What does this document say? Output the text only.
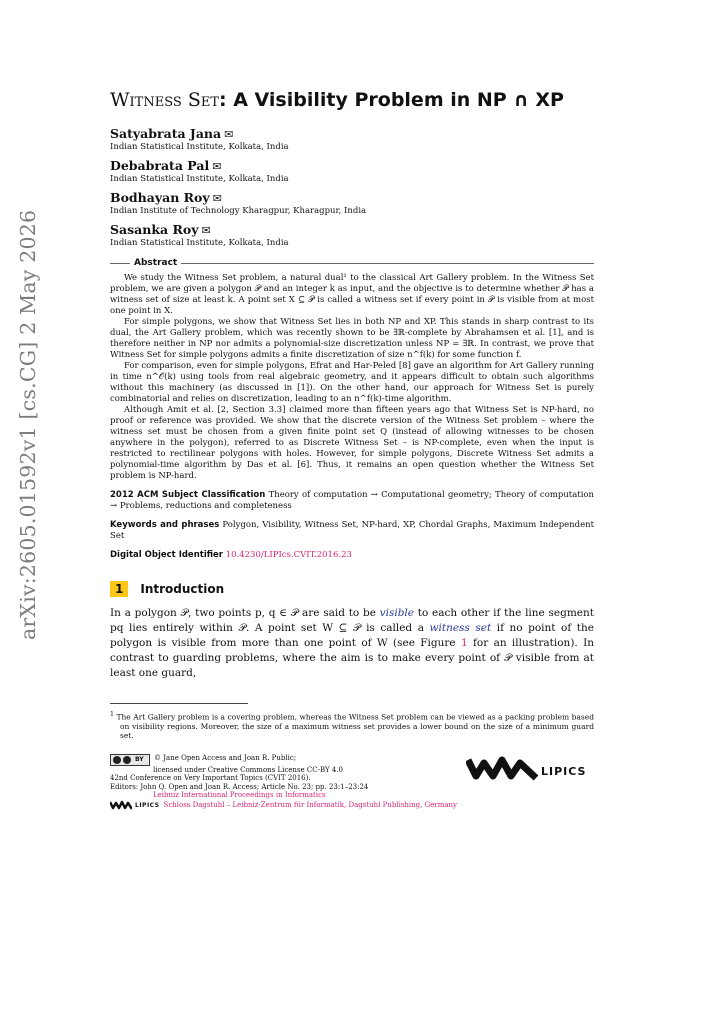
arXiv:2605.01592v1 [cs.CG] 2 May 2026
Witness Set: A Visibility Problem in NP ∩ XP
Satyabrata Jana ✉
Indian Statistical Institute, Kolkata, India
Debabrata Pal ✉
Indian Statistical Institute, Kolkata, India
Bodhayan Roy ✉
Indian Institute of Technology Kharagpur, Kharagpur, India
Sasanka Roy ✉
Indian Statistical Institute, Kolkata, India
Abstract

We study the Witness Set problem, a natural dual¹ to the classical Art Gallery problem. In the Witness Set problem, we are given a polygon 𝒫 and an integer k as input, and the objective is to determine whether 𝒫 has a witness set of size at least k. A point set X ⊆ 𝒫 is called a witness set if every point in 𝒫 is visible from at most one point in X.

For simple polygons, we show that Witness Set lies in both NP and XP. This stands in sharp contrast to its dual, the Art Gallery problem, which was recently shown to be ∃ℝ-complete by Abrahamsen et al. [1], and is therefore neither in NP nor admits a polynomial-size discretization unless NP = ∃ℝ. In contrast, we prove that Witness Set for simple polygons admits a finite discretization of size n^f(k) for some function f.

For comparison, even for simple polygons, Efrat and Har-Peled [8] gave an algorithm for Art Gallery running in time n^𝒪(k) using tools from real algebraic geometry, and it appears difficult to obtain such algorithms without this machinery (as discussed in [1]). On the other hand, our approach for Witness Set is purely combinatorial and relies on discretization, leading to an n^f(k)-time algorithm.

Although Amit et al. [2, Section 3.3] claimed more than fifteen years ago that Witness Set is NP-hard, no proof or reference was provided. We show that the discrete version of the Witness Set problem – where the witness set must be chosen from a given finite point set Q (instead of allowing witnesses to be chosen anywhere in the polygon), referred to as Discrete Witness Set – is NP-complete, even when the input is restricted to rectilinear polygons with holes. However, for simple polygons, Discrete Witness Set admits a polynomial-time algorithm by Das et al. [6]. Thus, it remains an open question whether the Witness Set problem is NP-hard.

2012 ACM Subject Classification Theory of computation → Computational geometry; Theory of computation → Problems, reductions and completeness

Keywords and phrases Polygon, Visibility, Witness Set, NP-hard, XP, Chordal Graphs, Maximum Independent Set

Digital Object Identifier 10.4230/LIPIcs.CVIT.2016.23

1	Introduction

In a polygon 𝒫, two points p, q ∈ 𝒫 are said to be visible to each other if the line segment pq lies entirely within 𝒫. A point set W ⊆ 𝒫 is called a witness set if no point of the polygon is visible from more than one point of W (see Figure 1 for an illustration). In contrast to guarding problems, where the aim is to make every point of 𝒫 visible from at least one guard,

$^1$ The Art Gallery problem is a covering problem, whereas the Witness Set problem can be viewed as a packing problem based on visibility regions. Moreover, the size of a maximum witness set provides a lower bound on the size of a minimum guard set.

BY © Jane Open Access and Joan R. Public;
licensed under Creative Commons License CC-BY 4.0
42nd Conference on Very Important Topics (CVIT 2016).
Editors: John Q. Open and Joan R. Access; Article No. 23; pp. 23:1–23:24
Leibniz International Proceedings in Informatics
LIPICS Schloss Dagstuhl – Leibniz-Zentrum für Informatik, Dagstuhl Publishing, Germany
LIPICS
